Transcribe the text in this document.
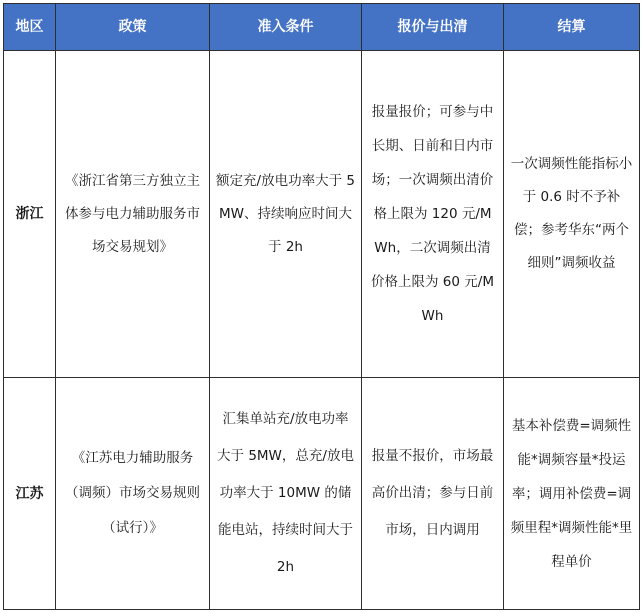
地区	政策	准入条件	报价与出清	结算
浙江	《浙江省第三方独立主体参与电力辅助服务市场交易规划》	额定充/放电功率大于 5MW、持续响应时间大于 2h	报量报价；可参与中长期、日前和日内市场；一次调频出清价格上限为 120 元/MWh，二次调频出清价格上限为 60 元/MWh	一次调频性能指标小于 0.6 时不予补偿；参考华东“两个细则”调频收益
江苏	《江苏电力辅助服务（调频）市场交易规则（试行）》	汇集单站充/放电功率大于 5MW，总充/放电功率大于 10MW 的储能电站，持续时间大于 2h	报量不报价，市场最高价出清；参与日前市场，日内调用	基本补偿费=调频性能*调频容量*投运率；调用补偿费=调频里程*调频性能*里程单价
